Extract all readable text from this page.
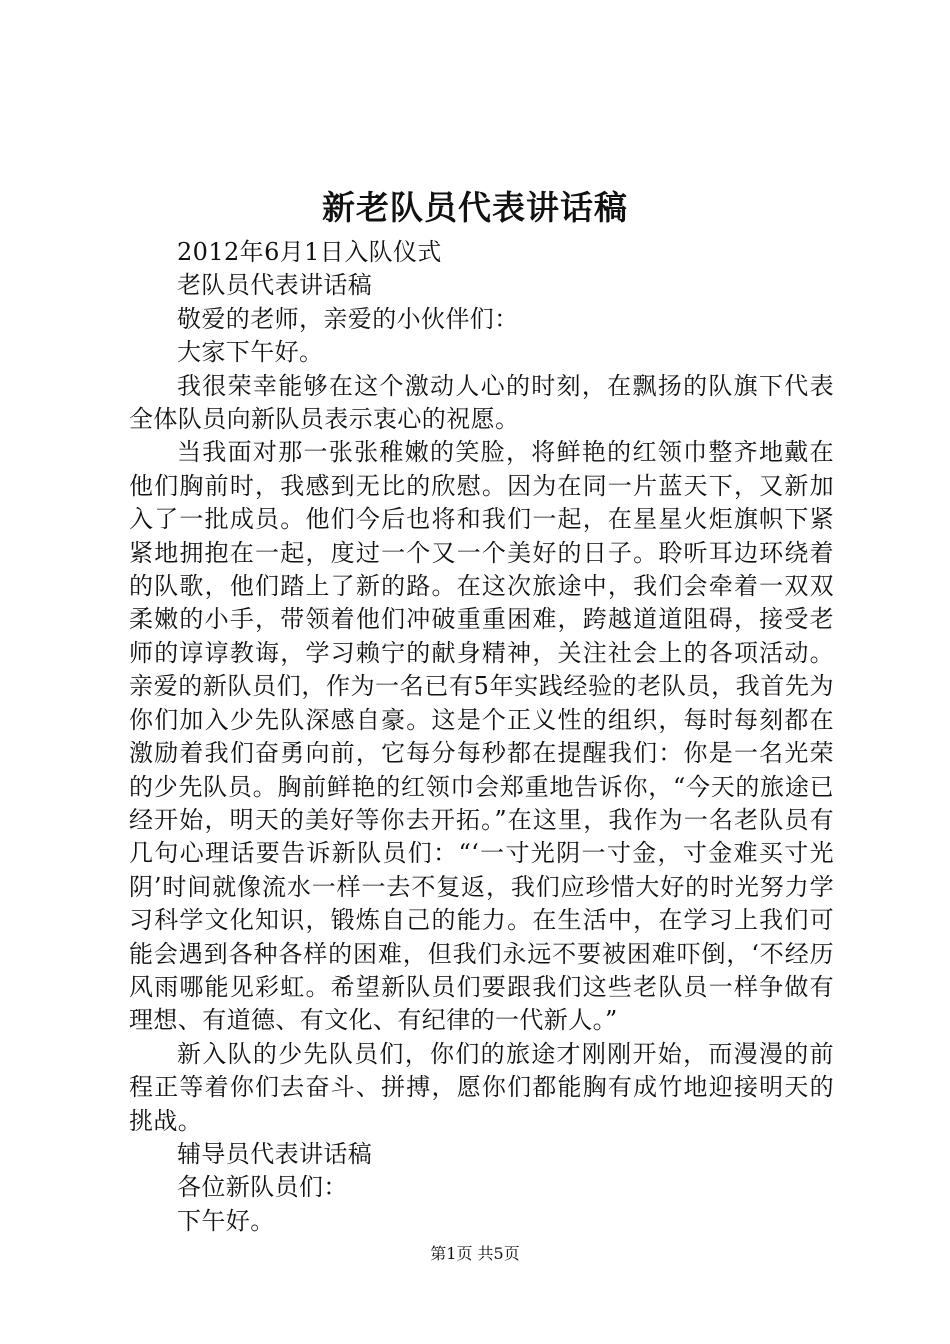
新老队员代表讲话稿

2012年6月1日入队仪式

老队员代表讲话稿

敬爱的老师，亲爱的小伙伴们：

大家下午好。

我很荣幸能够在这个激动人心的时刻，在飘扬的队旗下代表全体队员向新队员表示衷心的祝愿。

当我面对那一张张稚嫩的笑脸，将鲜艳的红领巾整齐地戴在他们胸前时，我感到无比的欣慰。因为在同一片蓝天下，又新加入了一批成员。他们今后也将和我们一起，在星星火炬旗帜下紧紧地拥抱在一起，度过一个又一个美好的日子。聆听耳边环绕着的队歌，他们踏上了新的路。在这次旅途中，我们会牵着一双双柔嫩的小手，带领着他们冲破重重困难，跨越道道阻碍，接受老师的谆谆教诲，学习赖宁的献身精神，关注社会上的各项活动。亲爱的新队员们，作为一名已有5年实践经验的老队员，我首先为你们加入少先队深感自豪。这是个正义性的组织，每时每刻都在激励着我们奋勇向前，它每分每秒都在提醒我们：你是一名光荣的少先队员。胸前鲜艳的红领巾会郑重地告诉你，“今天的旅途已经开始，明天的美好等你去开拓。”在这里，我作为一名老队员有几句心理话要告诉新队员们：“‘一寸光阴一寸金，寸金难买寸光阴’时间就像流水一样一去不复返，我们应珍惜大好的时光努力学习科学文化知识，锻炼自己的能力。在生活中，在学习上我们可能会遇到各种各样的困难，但我们永远不要被困难吓倒，‘不经历风雨哪能见彩虹。希望新队员们要跟我们这些老队员一样争做有理想、有道德、有文化、有纪律的一代新人。”

新入队的少先队员们，你们的旅途才刚刚开始，而漫漫的前程正等着你们去奋斗、拼搏，愿你们都能胸有成竹地迎接明天的挑战。

辅导员代表讲话稿

各位新队员们：

下午好。

第1页 共5页
